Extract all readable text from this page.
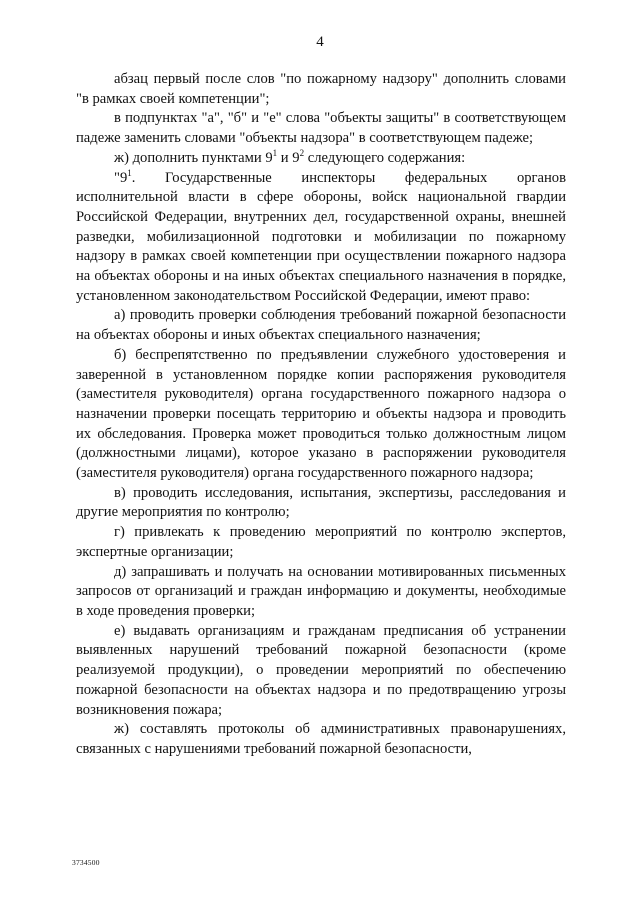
4

абзац первый после слов "по пожарному надзору" дополнить словами "в рамках своей компетенции";

в подпунктах "а", "б" и "е" слова "объекты защиты" в соответствующем падеже заменить словами "объекты надзора" в соответствующем падеже;

ж) дополнить пунктами $9^1$ и $9^2$ следующего содержания:

"$9^1$. Государственные инспекторы федеральных органов исполнительной власти в сфере обороны, войск национальной гвардии Российской Федерации, внутренних дел, государственной охраны, внешней разведки, мобилизационной подготовки и мобилизации по пожарному надзору в рамках своей компетенции при осуществлении пожарного надзора на объектах обороны и на иных объектах специального назначения в порядке, установленном законодательством Российской Федерации, имеют право:

а) проводить проверки соблюдения требований пожарной безопасности на объектах обороны и иных объектах специального назначения;

б) беспрепятственно по предъявлении служебного удостоверения и заверенной в установленном порядке копии распоряжения руководителя (заместителя руководителя) органа государственного пожарного надзора о назначении проверки посещать территорию и объекты надзора и проводить их обследования. Проверка может проводиться только должностным лицом (должностными лицами), которое указано в распоряжении руководителя (заместителя руководителя) органа государственного пожарного надзора;

в) проводить исследования, испытания, экспертизы, расследования и другие мероприятия по контролю;

г) привлекать к проведению мероприятий по контролю экспертов, экспертные организации;

д) запрашивать и получать на основании мотивированных письменных запросов от организаций и граждан информацию и документы, необходимые в ходе проведения проверки;

е) выдавать организациям и гражданам предписания об устранении выявленных нарушений требований пожарной безопасности (кроме реализуемой продукции), о проведении мероприятий по обеспечению пожарной безопасности на объектах надзора и по предотвращению угрозы возникновения пожара;

ж) составлять протоколы об административных правонарушениях, связанных с нарушениями требований пожарной безопасности,

3734500
